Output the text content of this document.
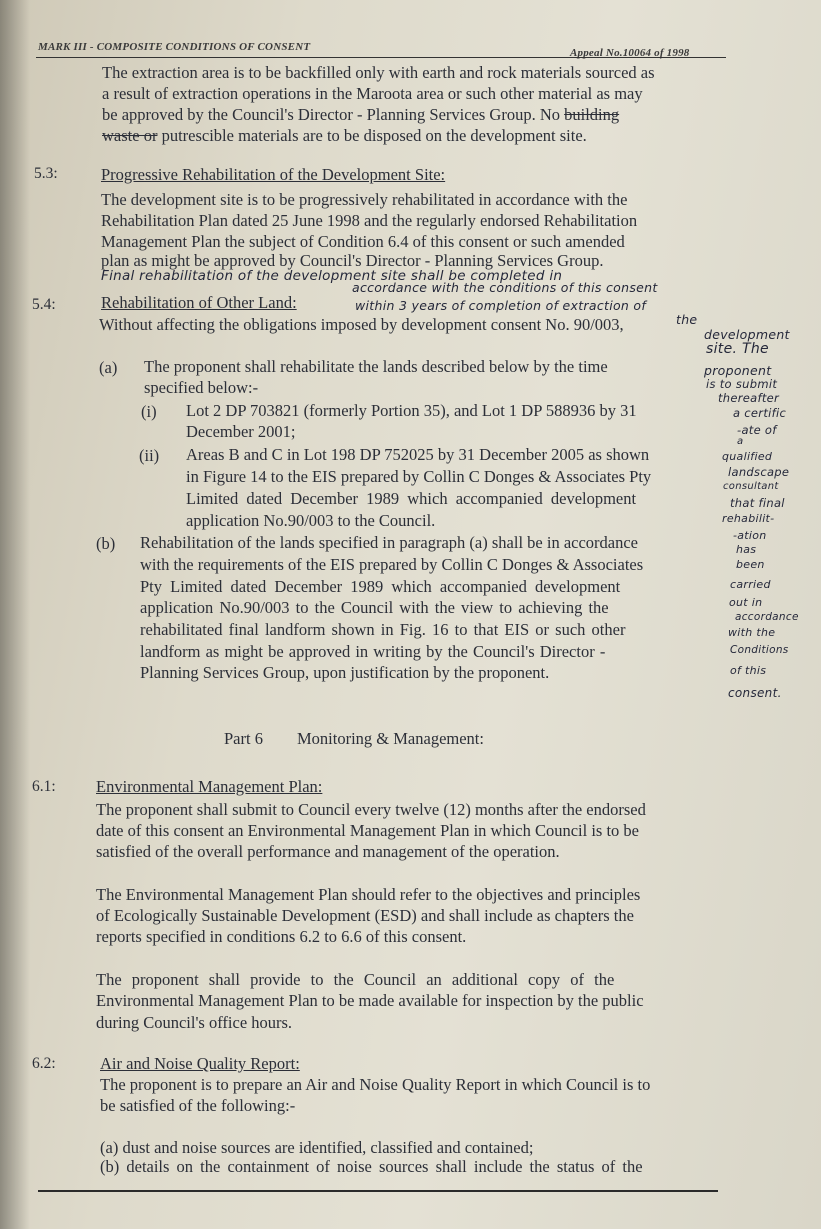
MARK III - COMPOSITE CONDITIONS OF CONSENT	Appeal No.10064 of 1998
The extraction area is to be backfilled only with earth and rock materials sourced as
a result of extraction operations in the Maroota area or such other material as may
be approved by the Council's Director - Planning Services Group. No building
waste or putrescible materials are to be disposed on the development site.
5.3:	Progressive Rehabilitation of the Development Site:
The development site is to be progressively rehabilitated in accordance with the
Rehabilitation Plan dated 25 June 1998 and the regularly endorsed Rehabilitation
Management Plan the subject of Condition 6.4 of this consent or such amended
plan as might be approved by Council's Director - Planning Services Group.
Final rehabilitation of the development site shall be completed in
accordance with the conditions of this consent
within 3 years of completion of extraction of
the
5.4:	Rehabilitation of Other Land:
Without affecting the obligations imposed by development consent No. 90/003,
(a) The proponent shall rehabilitate the lands described below by the time
specified below:-
(i) Lot 2 DP 703821 (formerly Portion 35), and Lot 1 DP 588936 by 31
December 2001;
(ii) Areas B and C in Lot 198 DP 752025 by 31 December 2005 as shown
in Figure 14 to the EIS prepared by Collin C Donges & Associates Pty
Limited dated December 1989 which accompanied development
application No.90/003 to the Council.
(b) Rehabilitation of the lands specified in paragraph (a) shall be in accordance
with the requirements of the EIS prepared by Collin C Donges & Associates
Pty Limited dated December 1989 which accompanied development
application No.90/003 to the Council with the view to achieving the
rehabilitated final landform shown in Fig. 16 to that EIS or such other
landform as might be approved in writing by the Council's Director -
Planning Services Group, upon justification by the proponent.
development
site. The
proponent
is to submit
thereafter
a certific
-ate of
a
qualified
landscape
consultant
that final
rehabilit-
-ation
has
been
carried
out in
accordance
with the
Conditions
of this
consent.
Part 6 Monitoring & Management:
6.1: Environmental Management Plan:
The proponent shall submit to Council every twelve (12) months after the endorsed
date of this consent an Environmental Management Plan in which Council is to be
satisfied of the overall performance and management of the operation.
The Environmental Management Plan should refer to the objectives and principles
of Ecologically Sustainable Development (ESD) and shall include as chapters the
reports specified in conditions 6.2 to 6.6 of this consent.
The proponent shall provide to the Council an additional copy of the
Environmental Management Plan to be made available for inspection by the public
during Council's office hours.
6.2:	Air and Noise Quality Report:
The proponent is to prepare an Air and Noise Quality Report in which Council is to
be satisfied of the following:-
(a) dust and noise sources are identified, classified and contained;
(b) details on the containment of noise sources shall include the status of the
